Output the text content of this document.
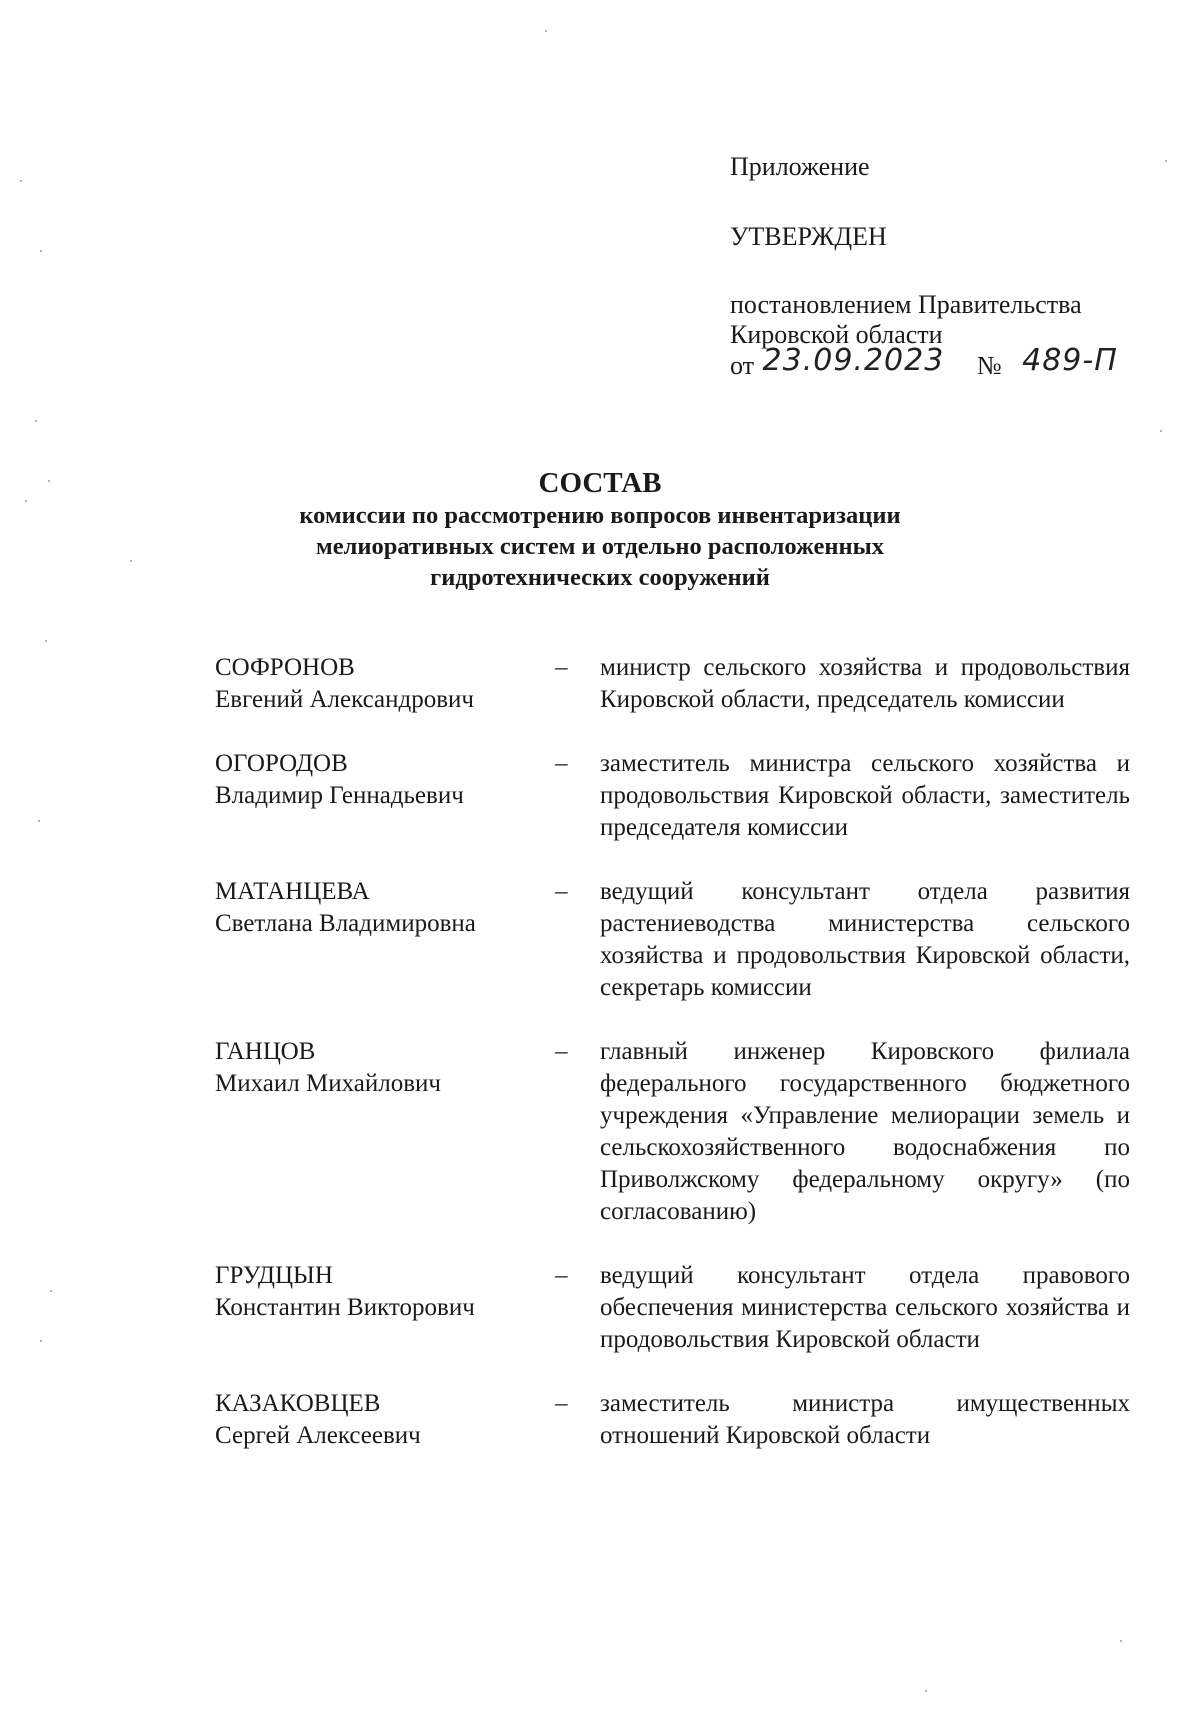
Приложение
УТВЕРЖДЕН
постановлением Правительства
Кировской области
от 23.09.2023 № 489-П
СОСТАВ
комиссии по рассмотрению вопросов инвентаризации
мелиоративных систем и отдельно расположенных
гидротехнических сооружений
СОФРОНОВ
Евгений Александрович
–	министр сельского хозяйства и продовольствия Кировской области, председатель комиссии
ОГОРОДОВ
Владимир Геннадьевич
–	заместитель министра сельского хозяйства и продовольствия Кировской области, заместитель председателя комиссии
МАТАНЦЕВА
Светлана Владимировна
–	ведущий консультант отдела развития растениеводства министерства сельского хозяйства и продовольствия Кировской области, секретарь комиссии
ГАНЦОВ
Михаил Михайлович
–	главный инженер Кировского филиала федерального государственного бюджетного учреждения «Управление мелиорации земель и сельскохозяйственного водоснабжения по Приволжскому федеральному округу» (по согласованию)
ГРУДЦЫН
Константин Викторович
–	ведущий консультант отдела правового обеспечения министерства сельского хозяйства и продовольствия Кировской области
КАЗАКОВЦЕВ
Сергей Алексеевич
–	заместитель министра имущественных отношений Кировской области
